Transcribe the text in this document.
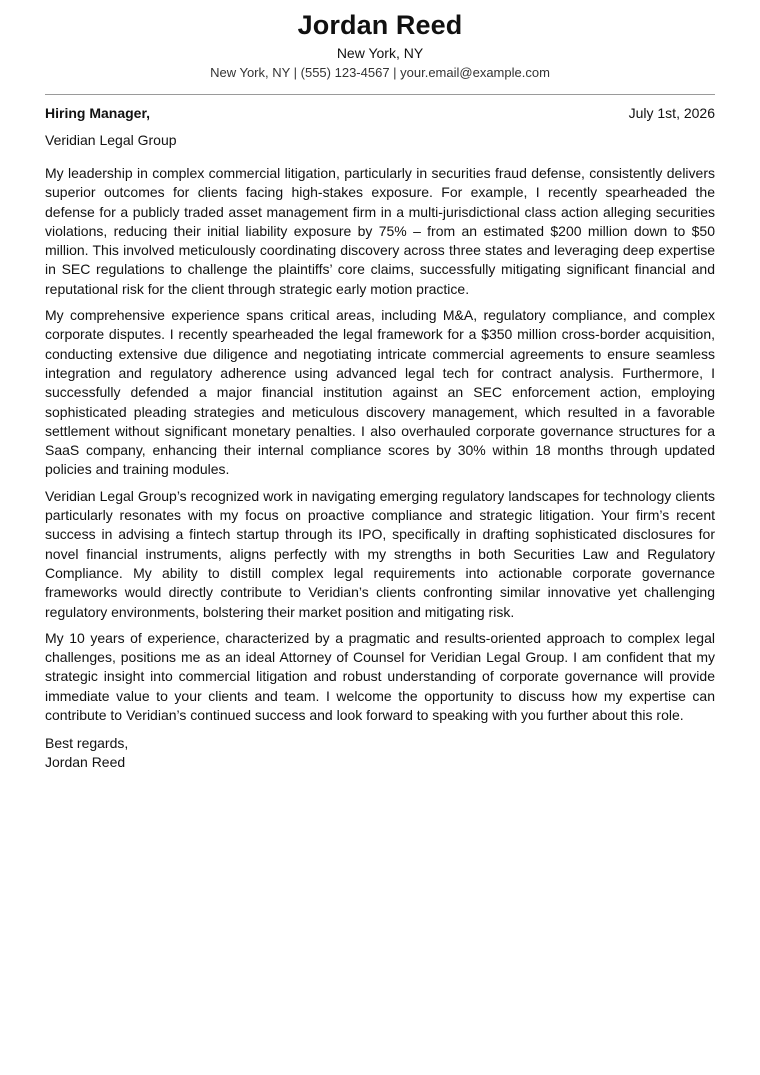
Jordan Reed
New York, NY
New York, NY | (555) 123-4567 | your.email@example.com
Hiring Manager,	July 1st, 2026
Veridian Legal Group

My leadership in complex commercial litigation, particularly in securities fraud defense, consistently delivers superior outcomes for clients facing high-stakes exposure. For example, I recently spearheaded the defense for a publicly traded asset management firm in a multi-jurisdictional class action alleging securities violations, reducing their initial liability exposure by 75% – from an estimated $200 million down to $50 million. This involved meticulously coordinating discovery across three states and leveraging deep expertise in SEC regulations to challenge the plaintiffs’ core claims, successfully mitigating significant financial and reputational risk for the client through strategic early motion practice.

My comprehensive experience spans critical areas, including M&A, regulatory compliance, and complex corporate disputes. I recently spearheaded the legal framework for a $350 million cross-border acquisition, conducting extensive due diligence and negotiating intricate commercial agreements to ensure seamless integration and regulatory adherence using advanced legal tech for contract analysis. Furthermore, I successfully defended a major financial institution against an SEC enforcement action, employing sophisticated pleading strategies and meticulous discovery management, which resulted in a favorable settlement without significant monetary penalties. I also overhauled corporate governance structures for a SaaS company, enhancing their internal compliance scores by 30% within 18 months through updated policies and training modules.

Veridian Legal Group’s recognized work in navigating emerging regulatory landscapes for technology clients particularly resonates with my focus on proactive compliance and strategic litigation. Your firm’s recent success in advising a fintech startup through its IPO, specifically in drafting sophisticated disclosures for novel financial instruments, aligns perfectly with my strengths in both Securities Law and Regulatory Compliance. My ability to distill complex legal requirements into actionable corporate governance frameworks would directly contribute to Veridian’s clients confronting similar innovative yet challenging regulatory environments, bolstering their market position and mitigating risk.

My 10 years of experience, characterized by a pragmatic and results-oriented approach to complex legal challenges, positions me as an ideal Attorney of Counsel for Veridian Legal Group. I am confident that my strategic insight into commercial litigation and robust understanding of corporate governance will provide immediate value to your clients and team. I welcome the opportunity to discuss how my expertise can contribute to Veridian’s continued success and look forward to speaking with you further about this role.

Best regards,
Jordan Reed
